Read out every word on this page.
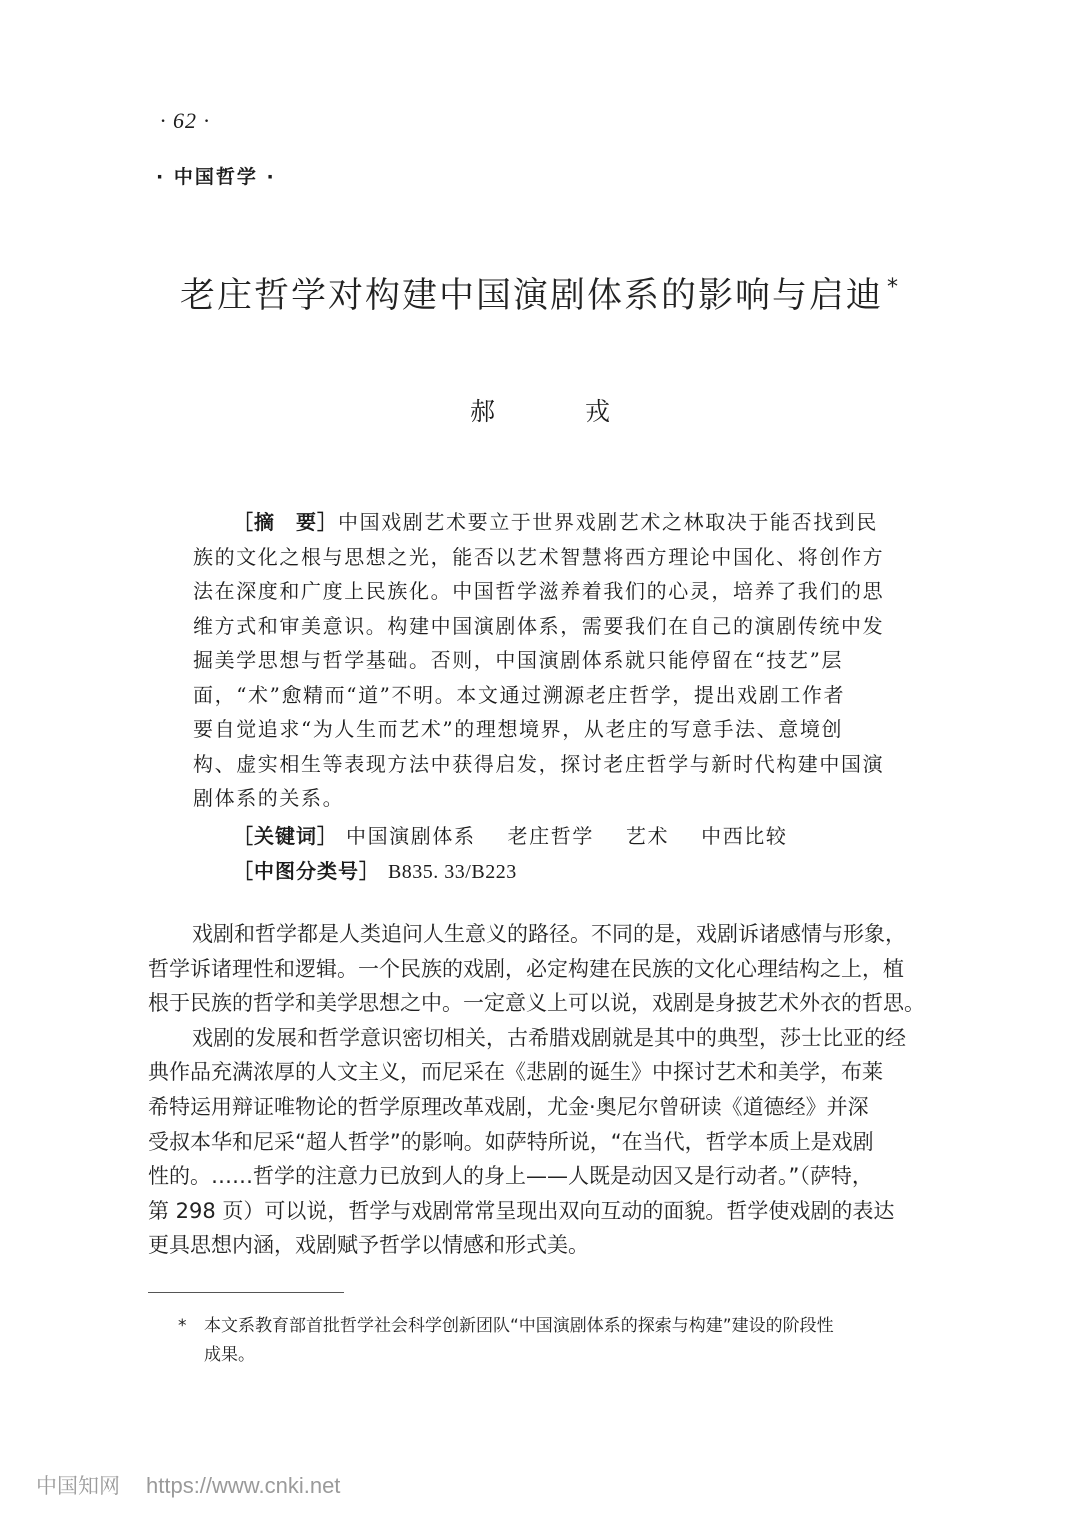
· 62 ·
· 中国哲学 ·
老庄哲学对构建中国演剧体系的影响与启迪 *
郝戎
［摘　要］中国戏剧艺术要立于世界戏剧艺术之林取决于能否找到民
族的文化之根与思想之光，能否以艺术智慧将西方理论中国化、将创作方
法在深度和广度上民族化。中国哲学滋养着我们的心灵，培养了我们的思
维方式和审美意识。构建中国演剧体系，需要我们在自己的演剧传统中发
掘美学思想与哲学基础。否则，中国演剧体系就只能停留在“技艺”层
面，“术”愈精而“道”不明。本文通过溯源老庄哲学，提出戏剧工作者
要自觉追求“为人生而艺术”的理想境界，从老庄的写意手法、意境创
构、虚实相生等表现方法中获得启发，探讨老庄哲学与新时代构建中国演
剧体系的关系。
［关键词］ 中国演剧体系 老庄哲学 艺术 中西比较
［中图分类号］ B835. 33/B223
戏剧和哲学都是人类追问人生意义的路径。不同的是，戏剧诉诸感情与形象，
哲学诉诸理性和逻辑。一个民族的戏剧，必定构建在民族的文化心理结构之上，植
根于民族的哲学和美学思想之中。一定意义上可以说，戏剧是身披艺术外衣的哲思。
戏剧的发展和哲学意识密切相关，古希腊戏剧就是其中的典型，莎士比亚的经
典作品充满浓厚的人文主义，而尼采在《悲剧的诞生》中探讨艺术和美学，布莱
希特运用辩证唯物论的哲学原理改革戏剧，尤金·奥尼尔曾研读《道德经》并深
受叔本华和尼采“超人哲学”的影响。如萨特所说，“在当代，哲学本质上是戏剧
性的。……哲学的注意力已放到人的身上——人既是动因又是行动者。”（萨特，
第 298 页）可以说，哲学与戏剧常常呈现出双向互动的面貌。哲学使戏剧的表达
更具思想内涵，戏剧赋予哲学以情感和形式美。
* 本文系教育部首批哲学社会科学创新团队“中国演剧体系的探索与构建”建设的阶段性
成果。
中国知网 https://www.cnki.net
